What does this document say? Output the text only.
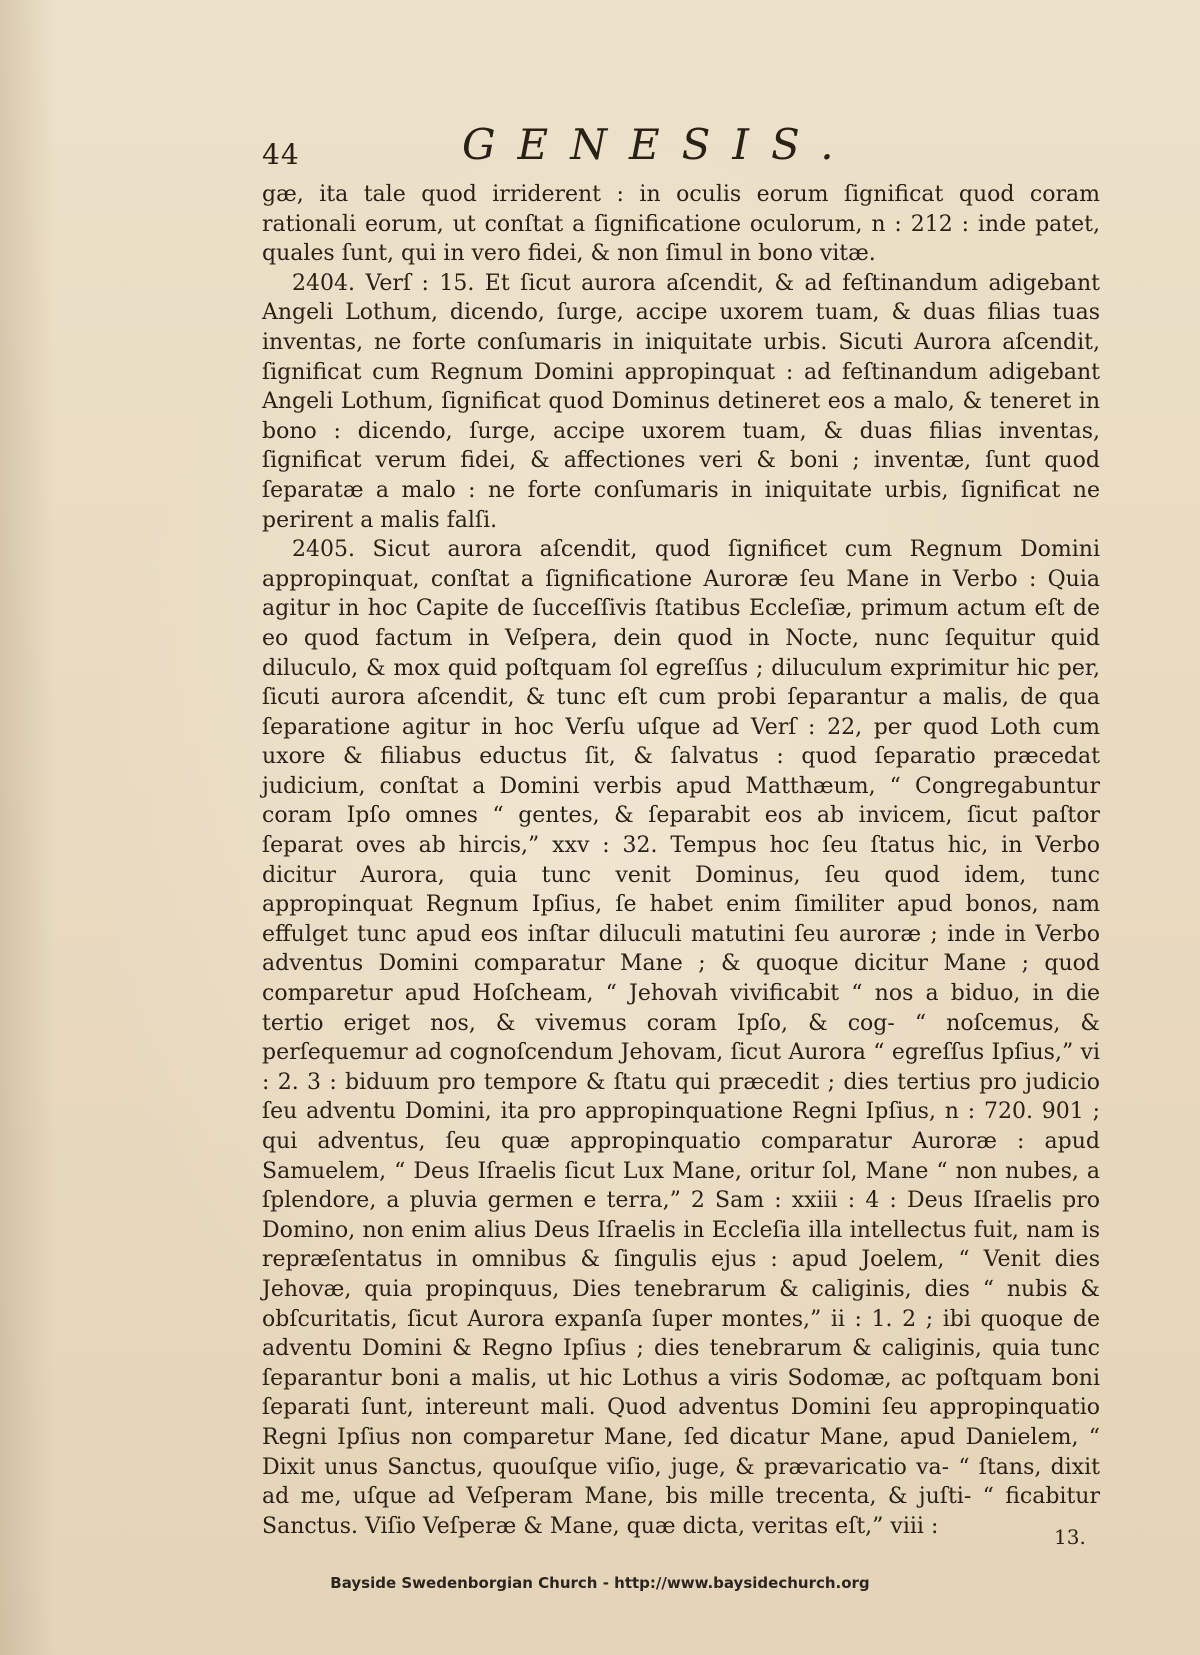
44	GENESIS.

gæ, ita tale quod irriderent : in oculis eorum ſignificat quod coram rationali eorum, ut conſtat a ſignificatione oculorum, n : 212 : inde patet, quales ſunt, qui in vero fidei, & non ſimul in bono vitæ.

2404. Verſ : 15. Et ſicut aurora aſcendit, & ad feſtinandum adigebant Angeli Lothum, dicendo, ſurge, accipe uxorem tuam, & duas filias tuas inventas, ne forte conſumaris in iniquitate urbis. Sicuti Aurora aſcendit, ſignificat cum Regnum Domini appropinquat : ad feſtinandum adigebant Angeli Lothum, ſignificat quod Dominus detineret eos a malo, & teneret in bono : dicendo, ſurge, accipe uxorem tuam, & duas filias inventas, ſignificat verum fidei, & affectiones veri & boni ; inventæ, ſunt quod ſeparatæ a malo : ne forte conſumaris in iniquitate urbis, ſignificat ne perirent a malis falſi.

2405. Sicut aurora aſcendit, quod ſignificet cum Regnum Domini appropinquat, conſtat a ſignificatione Auroræ ſeu Mane in Verbo : Quia agitur in hoc Capite de ſucceſſivis ſtatibus Eccleſiæ, primum actum eſt de eo quod factum in Veſpera, dein quod in Nocte, nunc ſequitur quid diluculo, & mox quid poſtquam ſol egreſſus ; diluculum exprimitur hic per, ſicuti aurora aſcendit, & tunc eſt cum probi ſeparantur a malis, de qua ſeparatione agitur in hoc Verſu uſque ad Verſ : 22, per quod Loth cum uxore & filiabus eductus ſit, & ſalvatus : quod ſeparatio præcedat judicium, conſtat a Domini verbis apud Matthæum, “ Congregabuntur coram Ipſo omnes “ gentes, & ſeparabit eos ab invicem, ſicut paſtor ſeparat oves ab hircis,” xxv : 32. Tempus hoc ſeu ſtatus hic, in Verbo dicitur Aurora, quia tunc venit Dominus, ſeu quod idem, tunc appropinquat Regnum Ipſius, ſe habet enim ſimiliter apud bonos, nam effulget tunc apud eos inſtar diluculi matutini ſeu auroræ ; inde in Verbo adventus Domini comparatur Mane ; & quoque dicitur Mane ; quod comparetur apud Hoſcheam, “ Jehovah vivificabit “ nos a biduo, in die tertio eriget nos, & vivemus coram Ipſo, & cog- “ noſcemus, & perſequemur ad cognoſcendum Jehovam, ſicut Aurora “ egreſſus Ipſius,” vi : 2. 3 : biduum pro tempore & ſtatu qui præcedit ; dies tertius pro judicio ſeu adventu Domini, ita pro appropinquatione Regni Ipſius, n : 720. 901 ; qui adventus, ſeu quæ appropinquatio comparatur Auroræ : apud Samuelem, “ Deus Iſraelis ſicut Lux Mane, oritur ſol, Mane “ non nubes, a ſplendore, a pluvia germen e terra,” 2 Sam : xxiii : 4 : Deus Iſraelis pro Domino, non enim alius Deus Iſraelis in Eccleſia illa intellectus fuit, nam is repræſentatus in omnibus & ſingulis ejus : apud Joelem, “ Venit dies Jehovæ, quia propinquus, Dies tenebrarum & caliginis, dies “ nubis & obſcuritatis, ſicut Aurora expanſa ſuper montes,” ii : 1. 2 ; ibi quoque de adventu Domini & Regno Ipſius ; dies tenebrarum & caliginis, quia tunc ſeparantur boni a malis, ut hic Lothus a viris Sodomæ, ac poſtquam boni ſeparati ſunt, intereunt mali. Quod adventus Domini ſeu appropinquatio Regni Ipſius non comparetur Mane, ſed dicatur Mane, apud Danielem, “ Dixit unus Sanctus, quouſque viſio, juge, & prævaricatio va- “ ſtans, dixit ad me, uſque ad Veſperam Mane, bis mille trecenta, & juſti- “ ficabitur Sanctus. Viſio Veſperæ & Mane, quæ dicta, veritas eſt,” viii :	13.
Bayside Swedenborgian Church - http://www.baysidechurch.org
